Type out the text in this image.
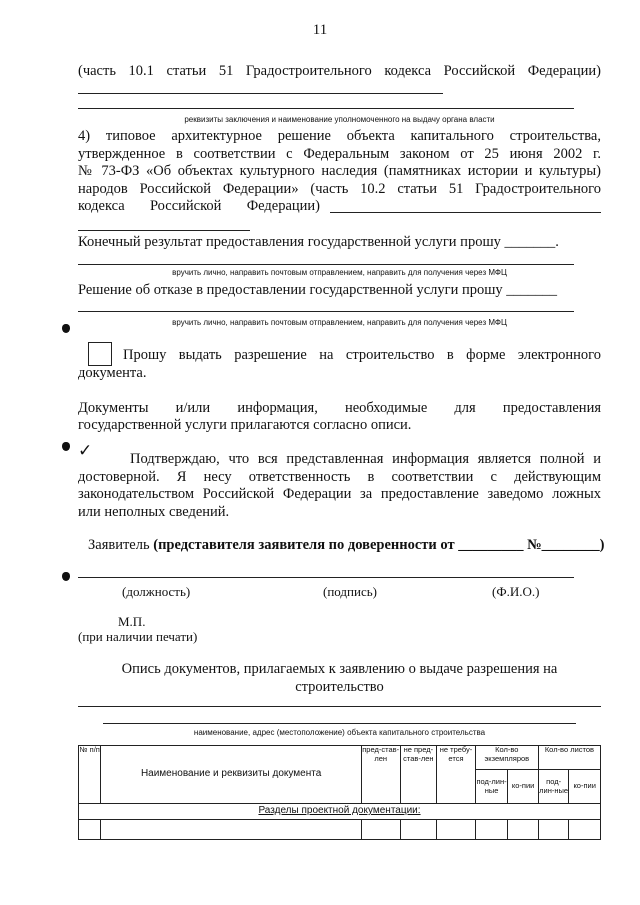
11
(часть 10.1 статьи 51 Градостроительного кодекса Российской Федерации)
реквизиты заключения и наименование уполномоченного на выдачу органа власти
4) типовое архитектурное решение объекта капитального строительства,
утвержденное в соответствии с Федеральным законом от 25 июня 2002 г.
№ 73-ФЗ «Об объектах культурного наследия (памятниках истории и культуры)
народов Российской Федерации» (часть 10.2 статьи 51 Градостроительного
кодекса Российской Федерации)
Конечный результат предоставления государственной услуги прошу _______.
вручить лично, направить почтовым отправлением, направить для получения через МФЦ
Решение об отказе в предоставлении государственной услуги прошу _______
вручить лично, направить почтовым отправлением, направить для получения через МФЦ
Прошу выдать разрешение на строительство в форме электронного
документа.
Документы и/или информация, необходимые для предоставления
государственной услуги прилагаются согласно описи.
✓	Подтверждаю, что вся представленная информация является полной и
достоверной. Я несу ответственность в соответствии с действующим
законодательством Российской Федерации за предоставление заведомо ложных
или неполных сведений.
Заявитель (представителя заявителя по доверенности от _________ №________)
(должность)	(подпись)	(Ф.И.О.)
М.П.
(при наличии печати)
Опись документов, прилагаемых к заявлению о выдаче разрешения на
строительство
наименование, адрес (местоположение) объекта капитального строительства
№ п/п	Наименование и реквизиты документа	пред-став-лен	не пред-став-лен	не требу-ется	Кол-во экземпляров		Кол-во листов	
					под-лин-ные	ко-пии	под-лин-ные	ко-пии
Разделы проектной документации:								
